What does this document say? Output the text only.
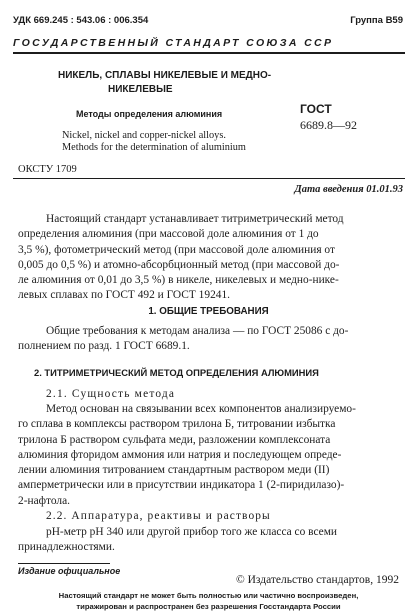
УДК 669.245 : 543.06 : 006.354	Группа В59
ГОСУДАРСТВЕННЫЙ СТАНДАРТ СОЮЗА ССР
НИКЕЛЬ, СПЛАВЫ НИКЕЛЕВЫЕ И МЕДНО-
НИКЕЛЕВЫЕ
Методы определения алюминия
Nickel, nickel and copper-nickel alloys.
Methods for the determination of aluminium
ГОСТ
6689.8—92
ОКСТУ 1709
Дата введения 01.01.93
Настоящий стандарт устанавливает титриметрический метод
определения алюминия (при массовой доле алюминия от 1 до
3,5 %), фотометрический метод (при массовой доле алюминия от
0,005 до 0,5 %) и атомно-абсорбционный метод (при массовой до-
ле алюминия от 0,01 до 3,5 %) в никеле, никелевых и медно-нике-
левых сплавах по ГОСТ 492 и ГОСТ 19241.
1. ОБЩИЕ ТРЕБОВАНИЯ
Общие требования к методам анализа — по ГОСТ 25086 с до-
полнением по разд. 1 ГОСТ 6689.1.
2. ТИТРИМЕТРИЧЕСКИЙ МЕТОД ОПРЕДЕЛЕНИЯ АЛЮМИНИЯ
2.1. Сущность метода
Метод основан на связывании всех компонентов анализируемо-
го сплава в комплексы раствором трилона Б, титровании избытка
трилона Б раствором сульфата меди, разложении комплексоната
алюминия фторидом аммония или натрия и последующем опреде-
лении алюминия титрованием стандартным раствором меди (II)
амперметрически или в присутствии индикатора 1 (2-пиридилазо)-
2-нафтола.
2.2. Аппаратура, реактивы и растворы
pH-метр pH 340 или другой прибор того же класса со всеми
принадлежностями.
Издание официальное
© Издательство стандартов, 1992
Настоящий стандарт не может быть полностью или частично воспроизведен,
тиражирован и распространен без разрешения Госстандарта России
